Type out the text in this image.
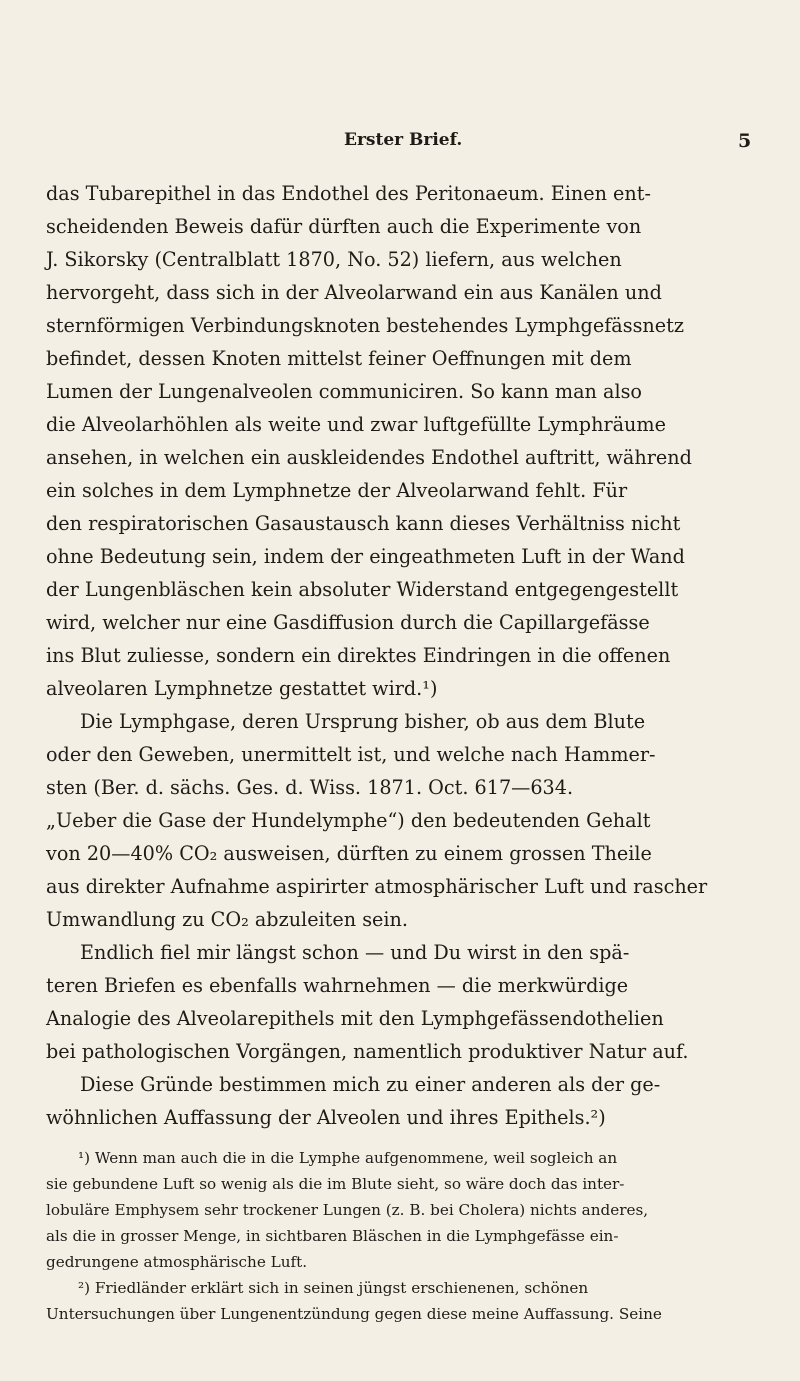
Erster Brief.	5
das Tubarepithel in das Endothel des Peritonaeum. Einen ent-
scheidenden Beweis dafür dürften auch die Experimente von
J. Sikorsky (Centralblatt 1870, No. 52) liefern, aus welchen
hervorgeht, dass sich in der Alveolarwand ein aus Kanälen und
sternförmigen Verbindungsknoten bestehendes Lymphgefässnetz
befindet, dessen Knoten mittelst feiner Oeffnungen mit dem
Lumen der Lungenalveolen communiciren. So kann man also
die Alveolarhöhlen als weite und zwar luftgefüllte Lymphräume
ansehen, in welchen ein auskleidendes Endothel auftritt, während
ein solches in dem Lymphnetze der Alveolarwand fehlt. Für
den respiratorischen Gasaustausch kann dieses Verhältniss nicht
ohne Bedeutung sein, indem der eingeathmeten Luft in der Wand
der Lungenbläschen kein absoluter Widerstand entgegengestellt
wird, welcher nur eine Gasdiffusion durch die Capillargefässe
ins Blut zuliesse, sondern ein direktes Eindringen in die offenen
alveolaren Lymphnetze gestattet wird.¹)
Die Lymphgase, deren Ursprung bisher, ob aus dem Blute
oder den Geweben, unermittelt ist, und welche nach Hammer-
sten (Ber. d. sächs. Ges. d. Wiss. 1871. Oct. 617—634.
„Ueber die Gase der Hundelymphe“) den bedeutenden Gehalt
von 20—40% CO₂ ausweisen, dürften zu einem grossen Theile
aus direkter Aufnahme aspirirter atmosphärischer Luft und rascher
Umwandlung zu CO₂ abzuleiten sein.
Endlich fiel mir längst schon — und Du wirst in den spä-
teren Briefen es ebenfalls wahrnehmen — die merkwürdige
Analogie des Alveolarepithels mit den Lymphgefässendothelien
bei pathologischen Vorgängen, namentlich produktiver Natur auf.
Diese Gründe bestimmen mich zu einer anderen als der ge-
wöhnlichen Auffassung der Alveolen und ihres Epithels.²)
¹) Wenn man auch die in die Lymphe aufgenommene, weil sogleich an
sie gebundene Luft so wenig als die im Blute sieht, so wäre doch das inter-
lobuläre Emphysem sehr trockener Lungen (z. B. bei Cholera) nichts anderes,
als die in grosser Menge, in sichtbaren Bläschen in die Lymphgefässe ein-
gedrungene atmosphärische Luft.
²) Friedländer erklärt sich in seinen jüngst erschienenen, schönen
Untersuchungen über Lungenentzündung gegen diese meine Auffassung. Seine
